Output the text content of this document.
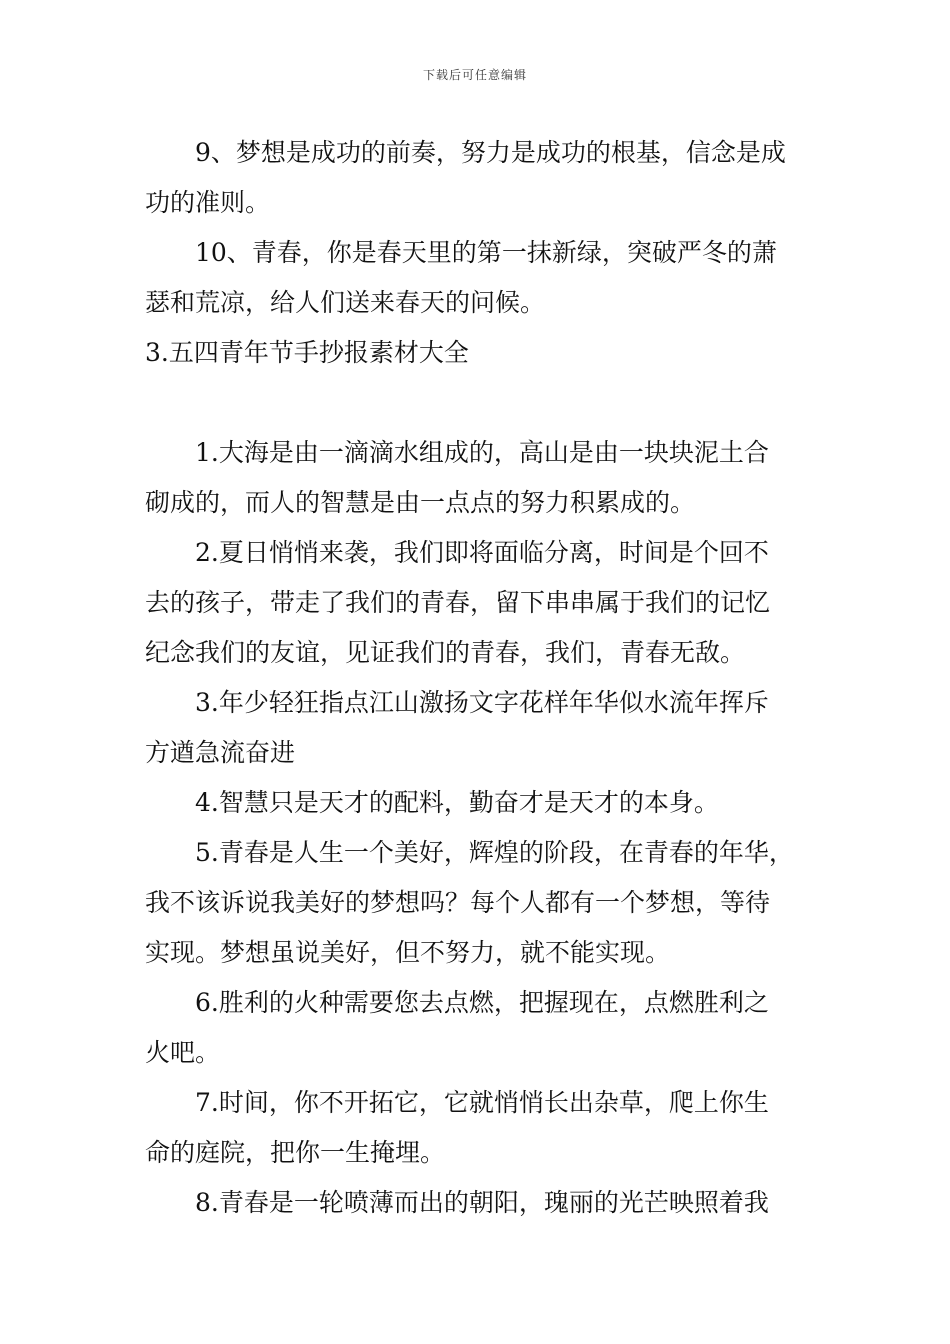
下载后可任意编辑
9、梦想是成功的前奏，努力是成功的根基，信念是成
功的准则。
10、青春，你是春天里的第一抹新绿，突破严冬的萧
瑟和荒凉，给人们送来春天的问候。
3.五四青年节手抄报素材大全
1.大海是由一滴滴水组成的，高山是由一块块泥土合
砌成的，而人的智慧是由一点点的努力积累成的。
2.夏日悄悄来袭，我们即将面临分离，时间是个回不
去的孩子，带走了我们的青春，留下串串属于我们的记忆
纪念我们的友谊，见证我们的青春，我们，青春无敌。
3.年少轻狂指点江山激扬文字花样年华似水流年挥斥
方遒急流奋进
4.智慧只是天才的配料，勤奋才是天才的本身。
5.青春是人生一个美好，辉煌的阶段，在青春的年华，
我不该诉说我美好的梦想吗？每个人都有一个梦想，等待
实现。梦想虽说美好，但不努力，就不能实现。
6.胜利的火种需要您去点燃，把握现在，点燃胜利之
火吧。
7.时间，你不开拓它，它就悄悄长出杂草，爬上你生
命的庭院，把你一生掩埋。
8.青春是一轮喷薄而出的朝阳，瑰丽的光芒映照着我
